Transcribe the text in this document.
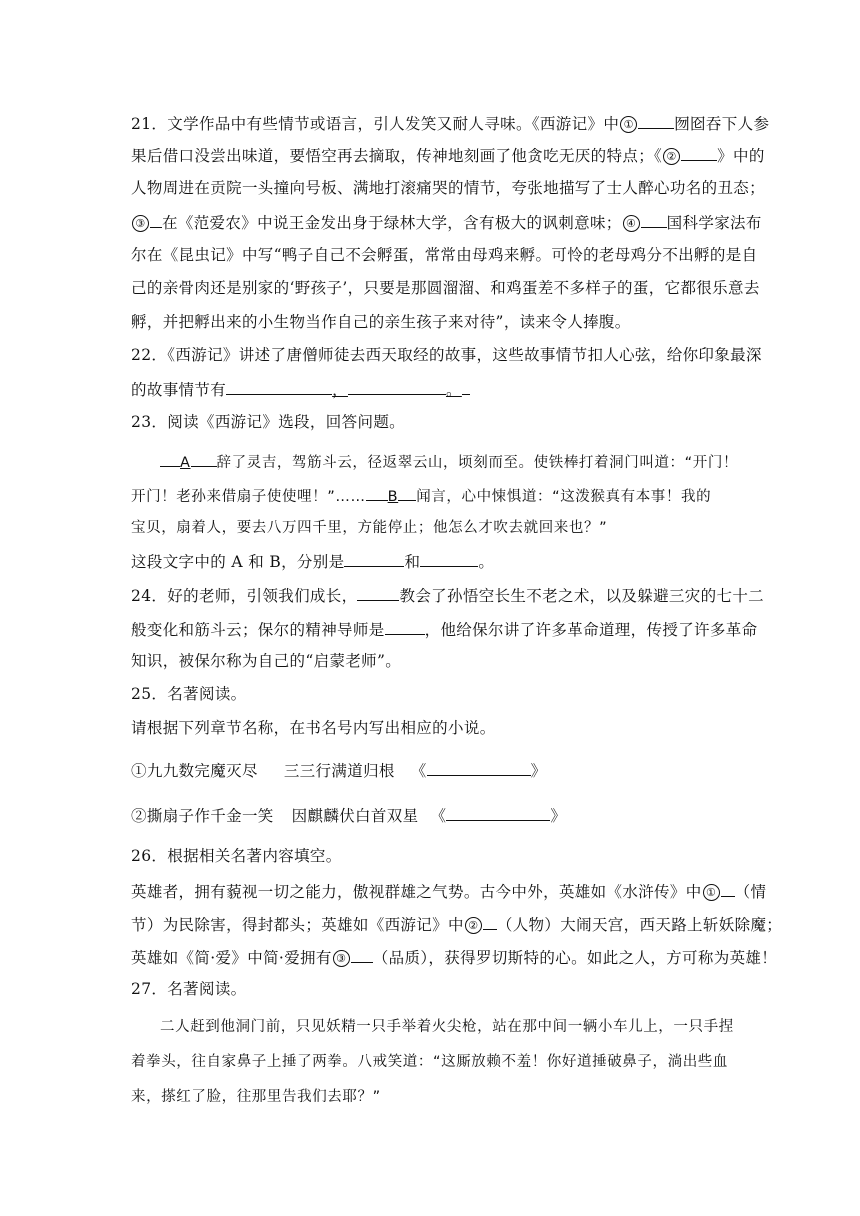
21．文学作品中有些情节或语言，引人发笑又耐人寻味。《西游记》中 ①	囫囵吞下人参
果后借口没尝出味道，要悟空再去摘取，传神地刻画了他贪吃无厌的特点；《 ②	》中的
人物周进在贡院一头撞向号板、满地打滚痛哭的情节，夸张地描写了士人醉心功名的丑态；
③ 在《范爱农》中说王金发出身于绿林大学，含有极大的讽刺意味； ④ 国科学家法布
尔在《昆虫记》中写“鸭子自己不会孵蛋，常常由母鸡来孵。可怜的老母鸡分不出孵的是自
己的亲骨肉还是别家的‘野孩子’，只要是那圆溜溜、和鸡蛋差不多样子的蛋，它都很乐意去
孵，并把孵出来的小生物当作自己的亲生孩子来对待”，读来令人捧腹。
22．《西游记》讲述了唐僧师徒去西天取经的故事，这些故事情节扣人心弦，给你印象最深
的故事情节有	，	。
23．阅读《西游记》选段，回答问题。
A 辞了灵吉，驾筋斗云，径返翠云山，顷刻而至。使铁棒打着洞门叫道：“开门！
开门！老孙来借扇子使使哩！”…… B 闻言，心中悚惧道：“这泼猴真有本事！我的
宝贝，扇着人，要去八万四千里，方能停止；他怎么才吹去就回来也？”
这段文字中的 A 和 B，分别是	和	。
24．好的老师，引领我们成长，	教会了孙悟空长生不老之术，以及躲避三灾的七十二
般变化和筋斗云；保尔的精神导师是	，他给保尔讲了许多革命道理，传授了许多革命
知识，被保尔称为自己的“启蒙老师”。
25．名著阅读。
请根据下列章节名称，在书名号内写出相应的小说。
①九九数完魔灭尽 三三行满道归根 《	》
②撕扇子作千金一笑 因麒麟伏白首双星 《	》
26．根据相关名著内容填空。
英雄者，拥有藐视一切之能力，傲视群雄之气势。古今中外，英雄如《水浒传》中 ① （情
节）为民除害，得封都头；英雄如《西游记》中 ② （人物）大闹天宫，西天路上斩妖除魔；
英雄如《简·爱》中简·爱拥有 ③ （品质），获得罗切斯特的心。如此之人，方可称为英雄！
27．名著阅读。
二人赶到他洞门前，只见妖精一只手举着火尖枪，站在那中间一辆小车儿上，一只手捏
着拳头，往自家鼻子上捶了两拳。八戒笑道：“这厮放赖不羞！你好道捶破鼻子，淌出些血
来，搽红了脸，往那里告我们去耶？”
